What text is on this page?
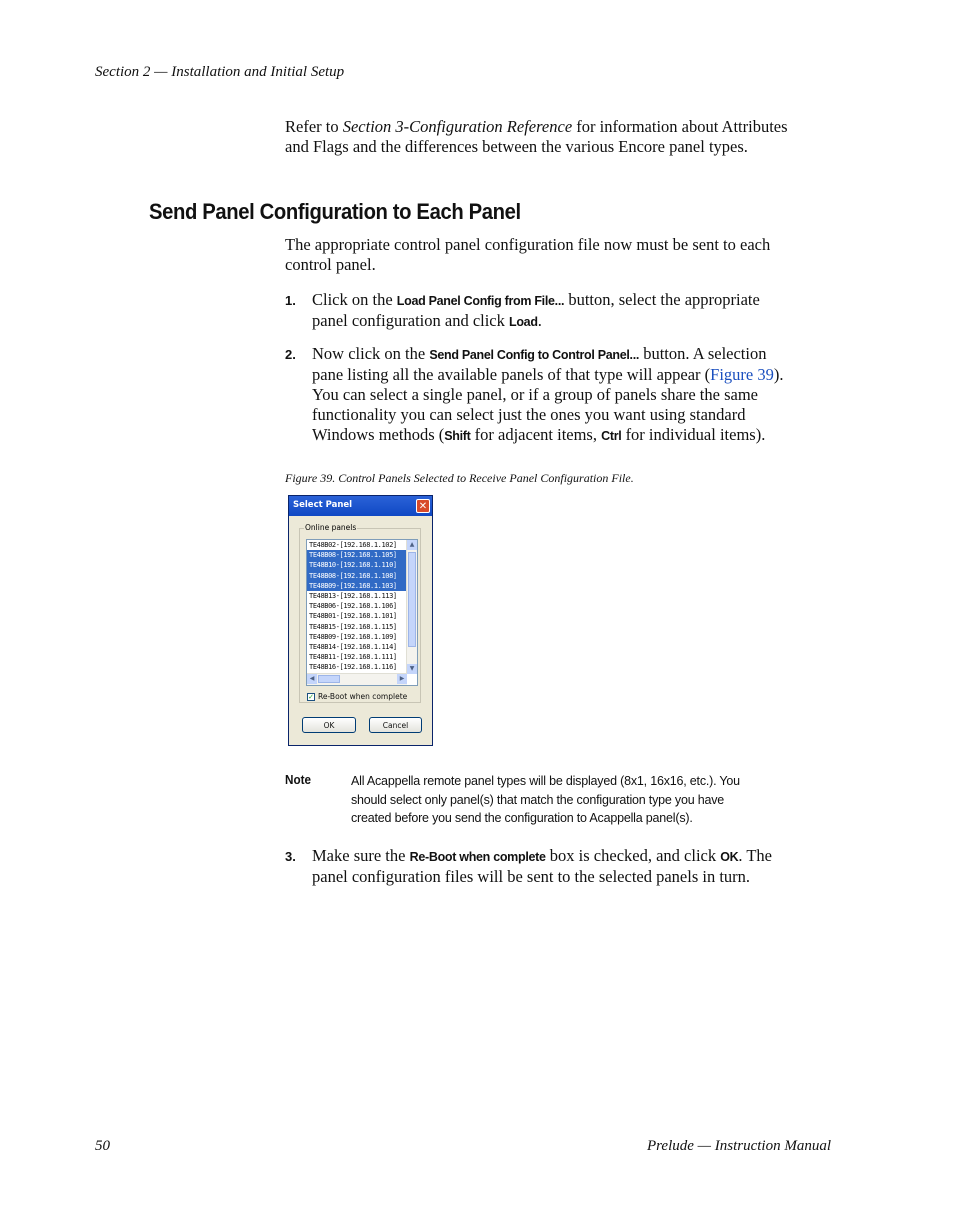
Section 2 — Installation and Initial Setup
Refer to Section 3-Configuration Reference for information about Attributes
and Flags and the differences between the various Encore panel types.
Send Panel Configuration to Each Panel
The appropriate control panel configuration file now must be sent to each
control panel.
1. Click on the Load Panel Config from File... button, select the appropriate
panel configuration and click Load.
2. Now click on the Send Panel Config to Control Panel... button. A selection
pane listing all the available panels of that type will appear (Figure 39).
You can select a single panel, or if a group of panels share the same
functionality you can select just the ones you want using standard
Windows methods (Shift for adjacent items, Ctrl for individual items).
Figure 39. Control Panels Selected to Receive Panel Configuration File.
Select Panel	✕
Online panels
TE48B02-[192.168.1.102]
TE48B08-[192.168.1.105]
TE48B10-[192.168.1.110]
TE48B08-[192.168.1.108]
TE48B09-[192.168.1.103]
TE48B13-[192.168.1.113]
TE48B06-[192.168.1.106]
TE48B01-[192.168.1.101]
TE48B15-[192.168.1.115]
TE48B09-[192.168.1.109]
TE48B14-[192.168.1.114]
TE48B11-[192.168.1.111]
TE48B16-[192.168.1.116]
▲
▼
◀	▶
✓ Re-Boot when complete
OK	Cancel
Note	All Acappella remote panel types will be displayed (8x1, 16x16, etc.). You
should select only panel(s) that match the configuration type you have
created before you send the configuration to Acappella panel(s).
3. Make sure the Re-Boot when complete box is checked, and click OK. The
panel configuration files will be sent to the selected panels in turn.
50	Prelude — Instruction Manual
